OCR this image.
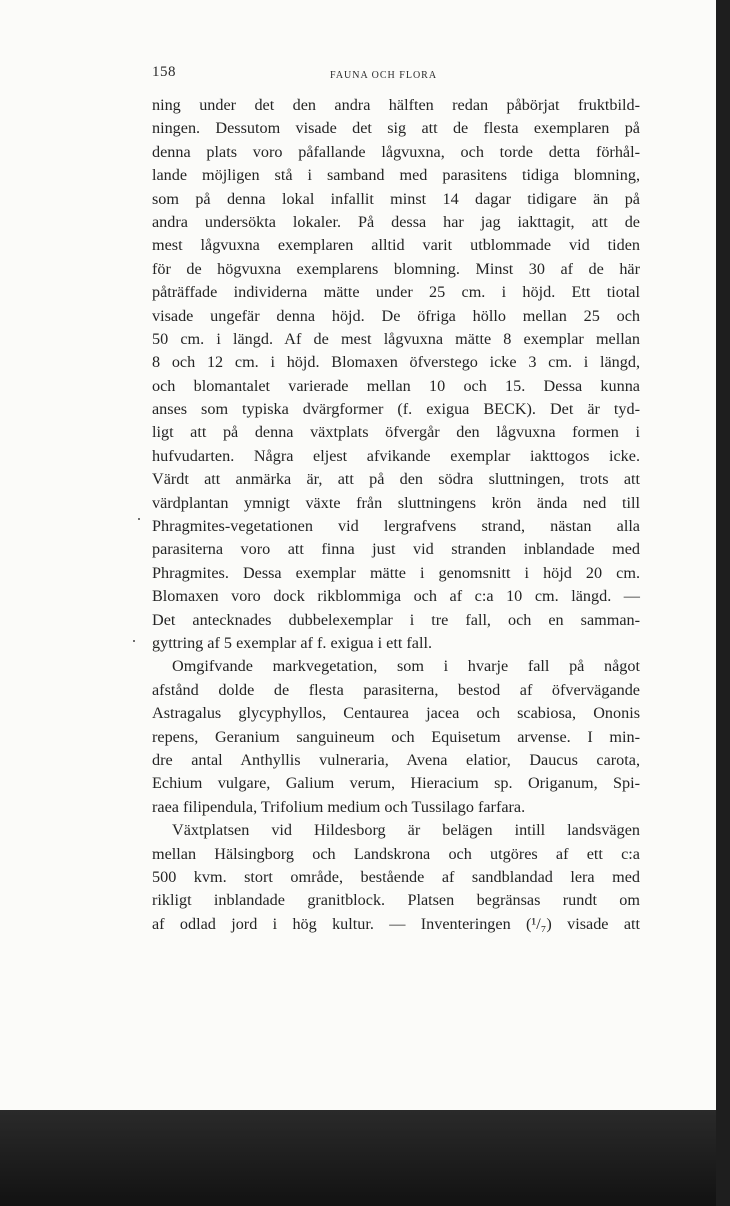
158	FAUNA OCH FLORA
ning under det den andra hälften redan påbörjat fruktbild-
ningen. Dessutom visade det sig att de flesta exemplaren på
denna plats voro påfallande lågvuxna, och torde detta förhål-
lande möjligen stå i samband med parasitens tidiga blomning,
som på denna lokal infallit minst 14 dagar tidigare än på
andra undersökta lokaler. På dessa har jag iakttagit, att de
mest lågvuxna exemplaren alltid varit utblommade vid tiden
för de högvuxna exemplarens blomning. Minst 30 af de här
påträffade individerna mätte under 25 cm. i höjd. Ett tiotal
visade ungefär denna höjd. De öfriga höllo mellan 25 och
50 cm. i längd. Af de mest lågvuxna mätte 8 exemplar mellan
8 och 12 cm. i höjd. Blomaxen öfverstego icke 3 cm. i längd,
och blomantalet varierade mellan 10 och 15. Dessa kunna
anses som typiska dvärgformer (f. exigua BECK). Det är tyd-
ligt att på denna växtplats öfvergår den lågvuxna formen i
hufvudarten. Några eljest afvikande exemplar iakttogos icke.
Värdt att anmärka är, att på den södra sluttningen, trots att
värdplantan ymnigt växte från sluttningens krön ända ned till
Phragmites-vegetationen vid lergrafvens strand, nästan alla
parasiterna voro att finna just vid stranden inblandade med
Phragmites. Dessa exemplar mätte i genomsnitt i höjd 20 cm.
Blomaxen voro dock rikblommiga och af c:a 10 cm. längd. —
Det antecknades dubbelexemplar i tre fall, och en samman-
gyttring af 5 exemplar af f. exigua i ett fall.
Omgifvande markvegetation, som i hvarje fall på något
afstånd dolde de flesta parasiterna, bestod af öfvervägande
Astragalus glycyphyllos, Centaurea jacea och scabiosa, Ononis
repens, Geranium sanguineum och Equisetum arvense. I min-
dre antal Anthyllis vulneraria, Avena elatior, Daucus carota,
Echium vulgare, Galium verum, Hieracium sp. Origanum, Spi-
raea filipendula, Trifolium medium och Tussilago farfara.
Växtplatsen vid Hildesborg är belägen intill landsvägen
mellan Hälsingborg och Landskrona och utgöres af ett c:a
500 kvm. stort område, bestående af sandblandad lera med
rikligt inblandade granitblock. Platsen begränsas rundt om
af odlad jord i hög kultur. — Inventeringen (¹/₇) visade att
